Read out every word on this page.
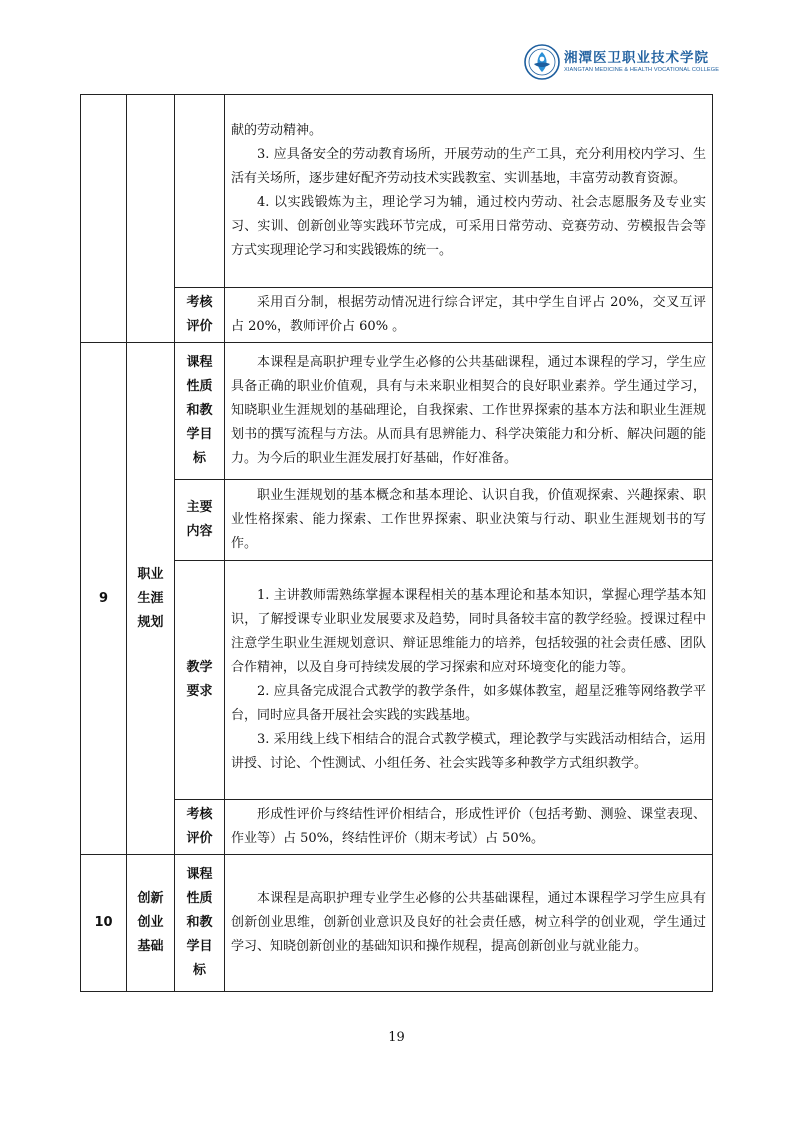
湘潭医卫职业技术学院
XIANGTAN MEDICINE & HEALTH VOCATIONAL COLLEGE

			献的劳动精神。

3. 应具备安全的劳动教育场所，开展劳动的生产工具，充分利用校内学习、生活有关场所，逐步建好配齐劳动技术实践教室、实训基地，丰富劳动教育资源。

4. 以实践锻炼为主，理论学习为辅，通过校内劳动、社会志愿服务及专业实习、实训、创新创业等实践环节完成，可采用日常劳动、竞赛劳动、劳模报告会等方式实现理论学习和实践锻炼的统一。

		考核评价	采用百分制，根据劳动情况进行综合评定，其中学生自评占 20%，交叉互评占 20%，教师评价占 60% 。

9	职业生涯规划	课程性质和教学目标	本课程是高职护理专业学生必修的公共基础课程，通过本课程的学习，学生应具备正确的职业价值观，具有与未来职业相契合的良好职业素养。学生通过学习，知晓职业生涯规划的基础理论，自我探索、工作世界探索的基本方法和职业生涯规划书的撰写流程与方法。从而具有思辨能力、科学决策能力和分析、解决问题的能力。为今后的职业生涯发展打好基础，作好准备。

		主要内容	职业生涯规划的基本概念和基本理论、认识自我，价值观探索、兴趣探索、职业性格探索、能力探索、工作世界探索、职业決策与行动、职业生涯规划书的写作。

		教学要求	1. 主讲教师需熟练掌握本课程相关的基本理论和基本知识，掌握心理学基本知识，了解授课专业职业发展要求及趋势，同时具备较丰富的教学经验。授课过程中注意学生职业生涯规划意识、辩证思维能力的培养，包括较强的社会责任感、团队合作精神，以及自身可持续发展的学习探索和应对环境变化的能力等。

2. 应具备完成混合式教学的教学条件，如多媒体教室，超星泛雅等网络教学平台，同时应具备开展社会实践的实践基地。

3. 采用线上线下相结合的混合式教学模式，理论教学与实践活动相结合，运用讲授、讨论、个性测试、小组任务、社会实践等多种教学方式组织教学。

		考核评价	形成性评价与终结性评价相结合，形成性评价（包括考勤、测验、课堂表现、作业等）占 50%，终结性评价（期末考试）占 50%。

10	创新创业基础	课程性质和教学目标	本课程是高职护理专业学生必修的公共基础课程，通过本课程学习学生应具有创新创业思维，创新创业意识及良好的社会责任感，树立科学的创业观，学生通过学习、知晓创新创业的基础知识和操作规程，提高创新创业与就业能力。

19
